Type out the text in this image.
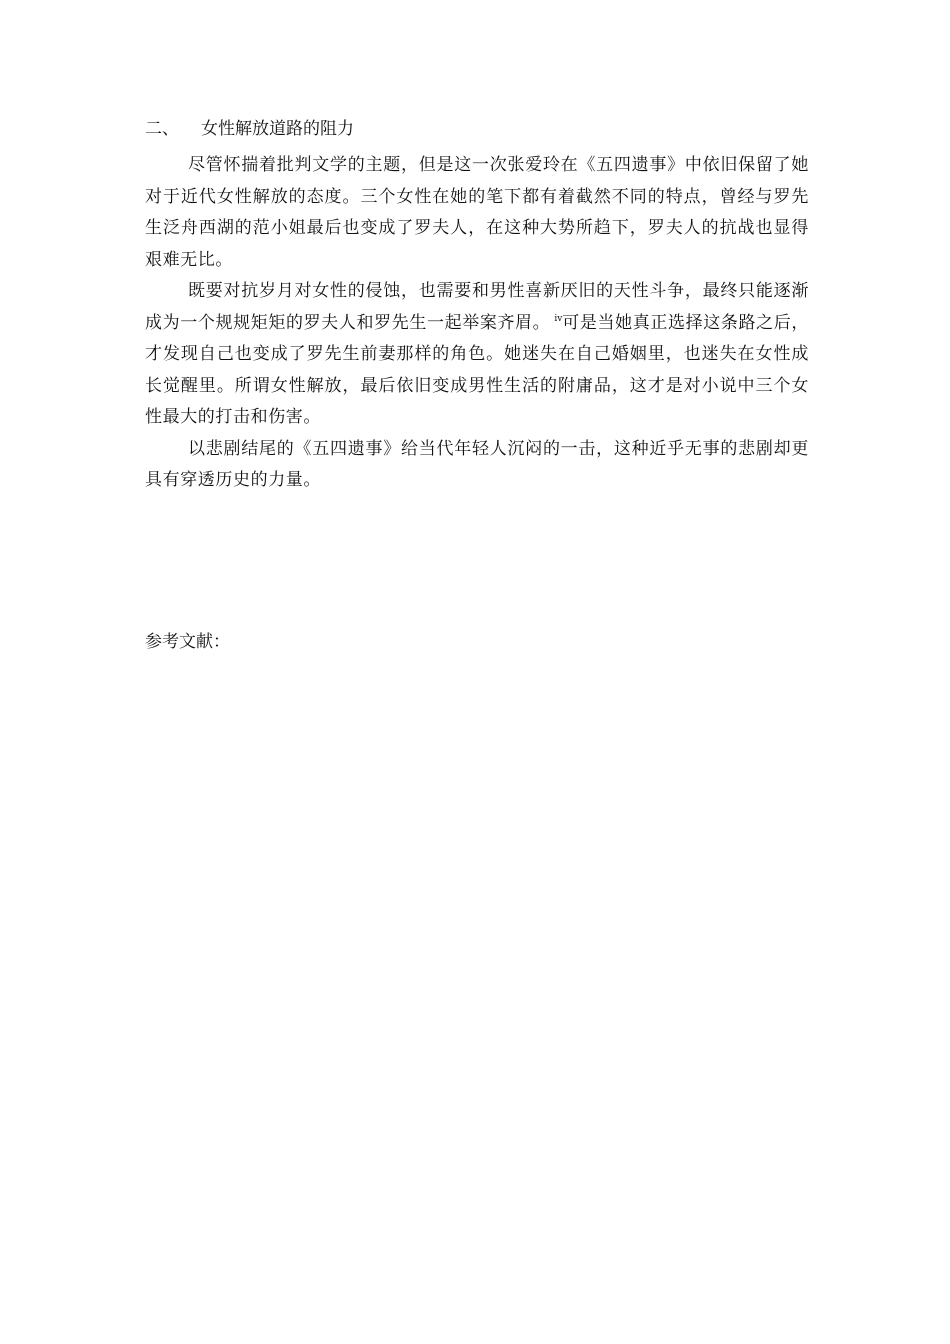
二、 女性解放道路的阻力

尽管怀揣着批判文学的主题，但是这一次张爱玲在《五四遗事》中依旧保留了她对于近代女性解放的态度。三个女性在她的笔下都有着截然不同的特点，曾经与罗先生泛舟西湖的范小姐最后也变成了罗夫人，在这种大势所趋下，罗夫人的抗战也显得艰难无比。

既要对抗岁月对女性的侵蚀，也需要和男性喜新厌旧的天性斗争，最终只能逐渐成为一个规规矩矩的罗夫人和罗先生一起举案齐眉。 $^{iv}$可是当她真正选择这条路之后，才发现自己也变成了罗先生前妻那样的角色。她迷失在自己婚姻里，也迷失在女性成长觉醒里。所谓女性解放，最后依旧变成男性生活的附庸品，这才是对小说中三个女性最大的打击和伤害。

以悲剧结尾的《五四遗事》给当代年轻人沉闷的一击，这种近乎无事的悲剧却更具有穿透历史的力量。

参考文献：
